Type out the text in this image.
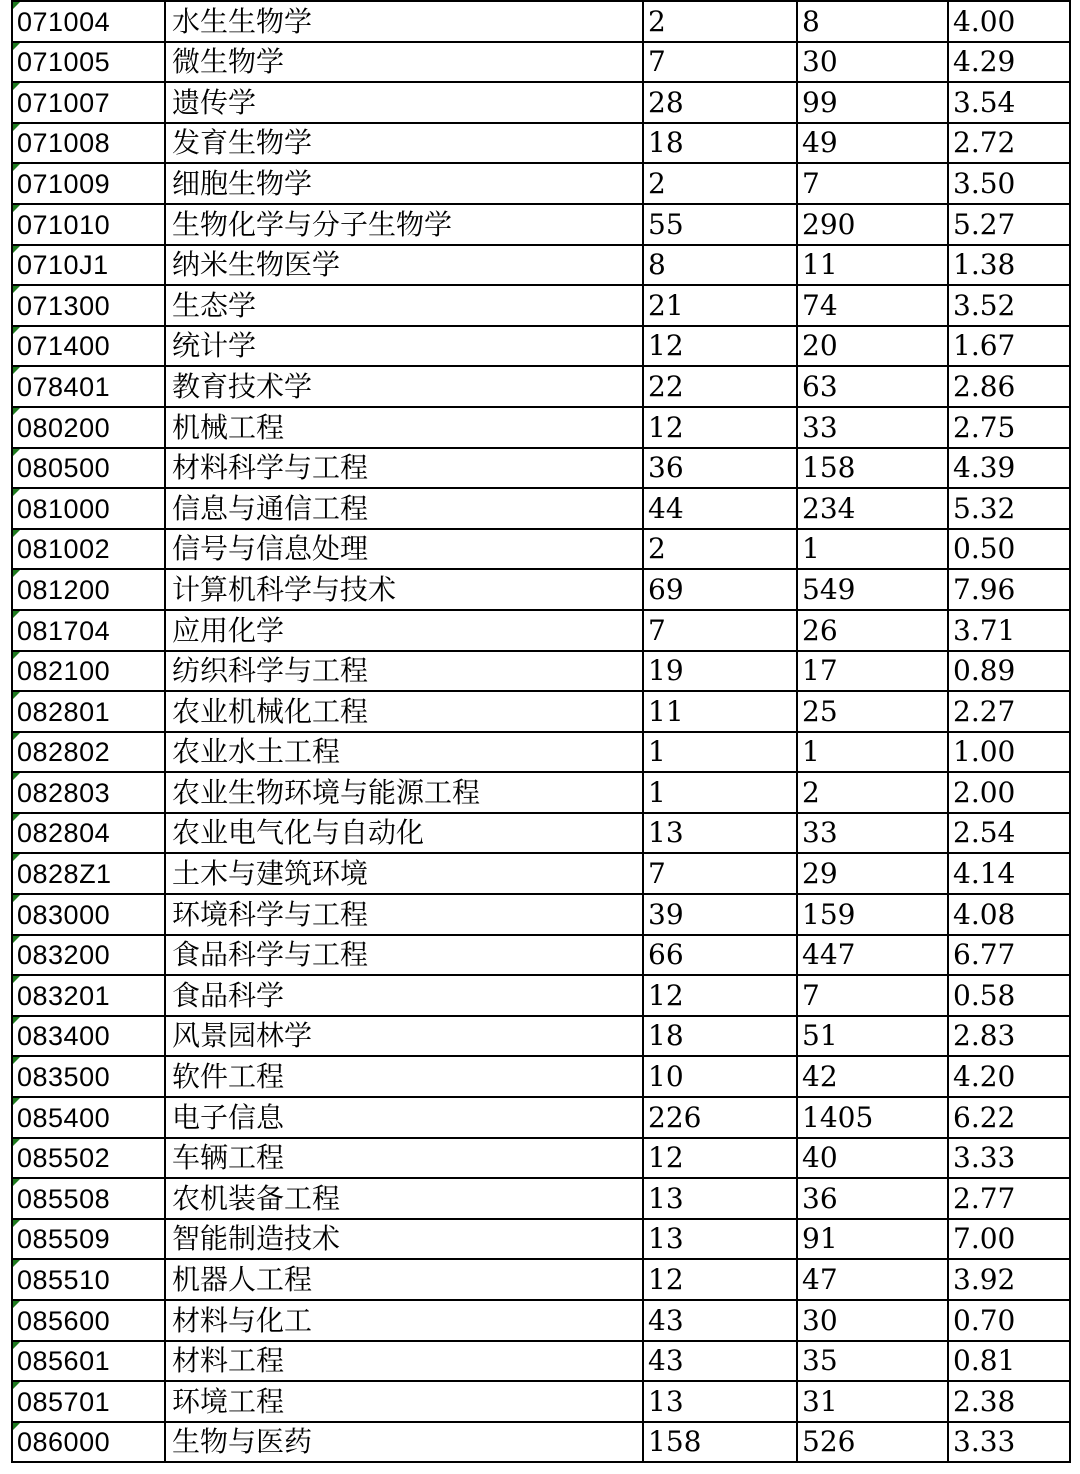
071004	水生生物学	2	8	4.00
071005	微生物学	7	30	4.29
071007	遗传学	28	99	3.54
071008	发育生物学	18	49	2.72
071009	细胞生物学	2	7	3.50
071010	生物化学与分子生物学	55	290	5.27
0710J1	纳米生物医学	8	11	1.38
071300	生态学	21	74	3.52
071400	统计学	12	20	1.67
078401	教育技术学	22	63	2.86
080200	机械工程	12	33	2.75
080500	材料科学与工程	36	158	4.39
081000	信息与通信工程	44	234	5.32
081002	信号与信息处理	2	1	0.50
081200	计算机科学与技术	69	549	7.96
081704	应用化学	7	26	3.71
082100	纺织科学与工程	19	17	0.89
082801	农业机械化工程	11	25	2.27
082802	农业水土工程	1	1	1.00
082803	农业生物环境与能源工程	1	2	2.00
082804	农业电气化与自动化	13	33	2.54
0828Z1	土木与建筑环境	7	29	4.14
083000	环境科学与工程	39	159	4.08
083200	食品科学与工程	66	447	6.77
083201	食品科学	12	7	0.58
083400	风景园林学	18	51	2.83
083500	软件工程	10	42	4.20
085400	电子信息	226	1405	6.22
085502	车辆工程	12	40	3.33
085508	农机装备工程	13	36	2.77
085509	智能制造技术	13	91	7.00
085510	机器人工程	12	47	3.92
085600	材料与化工	43	30	0.70
085601	材料工程	43	35	0.81
085701	环境工程	13	31	2.38
086000	生物与医药	158	526	3.33
